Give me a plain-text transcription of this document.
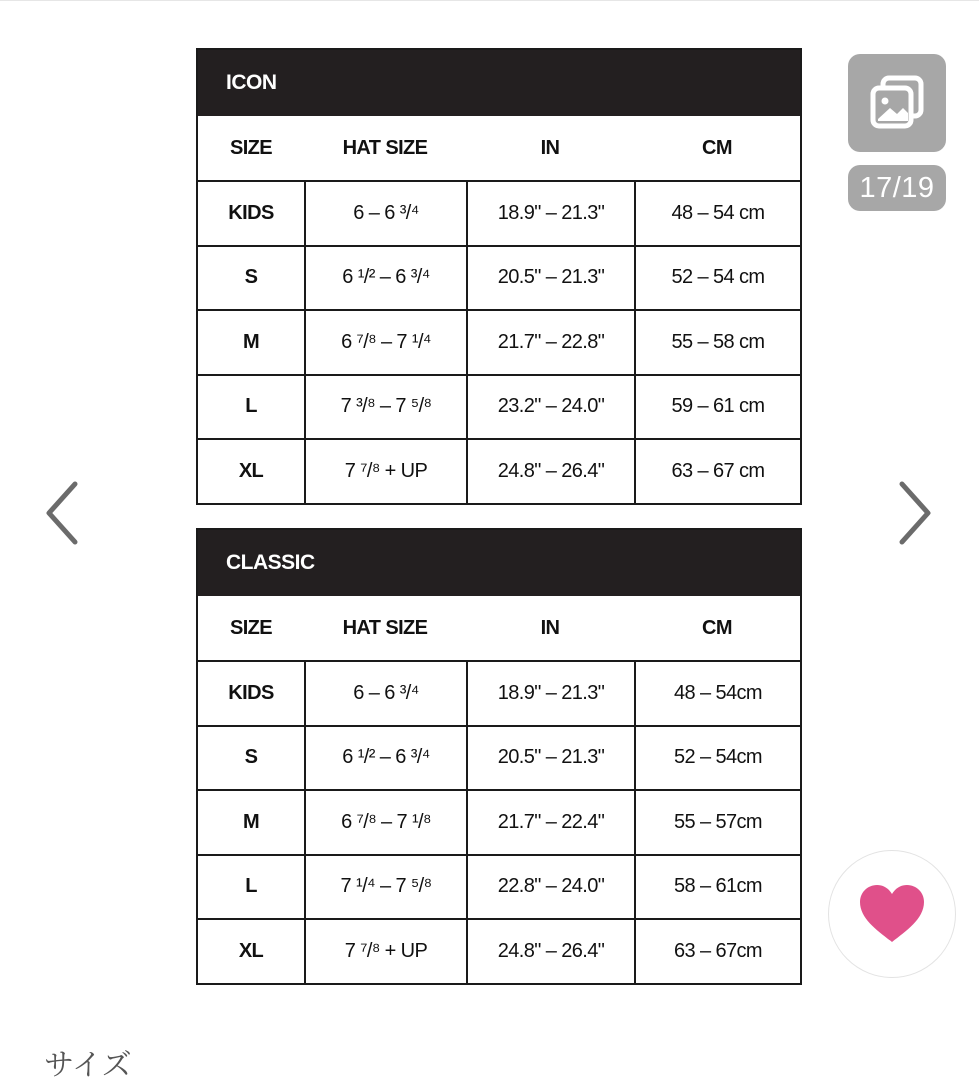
ICON
SIZE	HAT SIZE	IN	CM
KIDS	6 – 6 ³/⁴	18.9" – 21.3"	48 – 54 cm
S	6 ¹/² – 6 ³/⁴	20.5" – 21.3"	52 – 54 cm
M	6 ⁷/⁸ – 7 ¹/⁴	21.7" – 22.8"	55 – 58 cm
L	7 ³/⁸ – 7 ⁵/⁸	23.2" – 24.0"	59 – 61 cm
XL	7 ⁷/⁸ + UP	24.8" – 26.4"	63 – 67 cm
CLASSIC
SIZE	HAT SIZE	IN	CM
KIDS	6 – 6 ³/⁴	18.9" – 21.3"	48 – 54cm
S	6 ¹/² – 6 ³/⁴	20.5" – 21.3"	52 – 54cm
M	6 ⁷/⁸ – 7 ¹/⁸	21.7" – 22.4"	55 – 57cm
L	7 ¹/⁴ – 7 ⁵/⁸	22.8" – 24.0"	58 – 61cm
XL	7 ⁷/⁸ + UP	24.8" – 26.4"	63 – 67cm
17/19
サイズ
